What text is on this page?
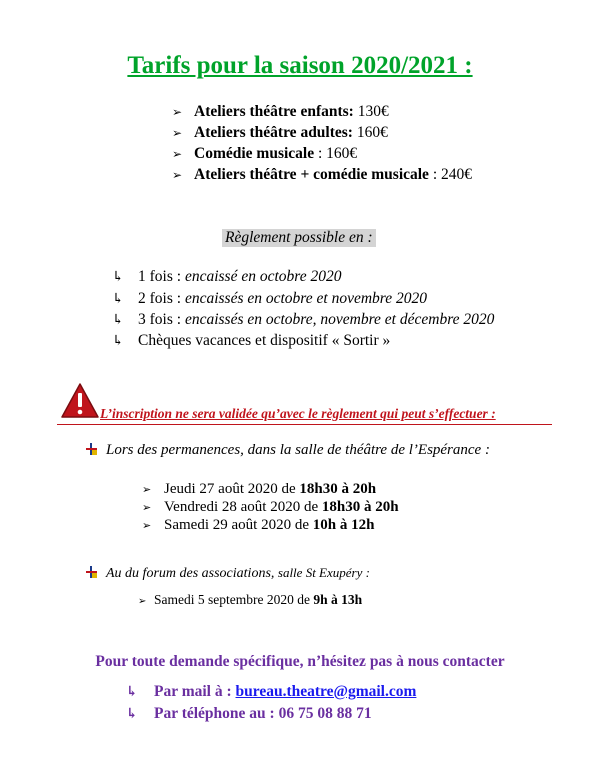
Tarifs pour la saison 2020/2021 :
➢ Ateliers théâtre enfants: 130€
➢ Ateliers théâtre adultes: 160€
➢ Comédie musicale : 160€
➢ Ateliers théâtre + comédie musicale : 240€
Règlement possible en :
↳ 1 fois : encaissé en octobre 2020
↳ 2 fois : encaissés en octobre et novembre 2020
↳ 3 fois : encaissés en octobre, novembre et décembre 2020
↳ Chèques vacances et dispositif « Sortir »
L’inscription ne sera validée qu’avec le règlement qui peut s’effectuer :
Lors des permanences, dans la salle de théâtre de l’Espérance :
➢ Jeudi 27 août 2020 de 18h30 à 20h
➢ Vendredi 28 août 2020 de 18h30 à 20h
➢ Samedi 29 août 2020 de 10h à 12h
Au du forum des associations, salle St Exupéry :
➢ Samedi 5 septembre 2020 de 9h à 13h
Pour toute demande spécifique, n’hésitez pas à nous contacter
↳ Par mail à : bureau.theatre@gmail.com
↳ Par téléphone au : 06 75 08 88 71
